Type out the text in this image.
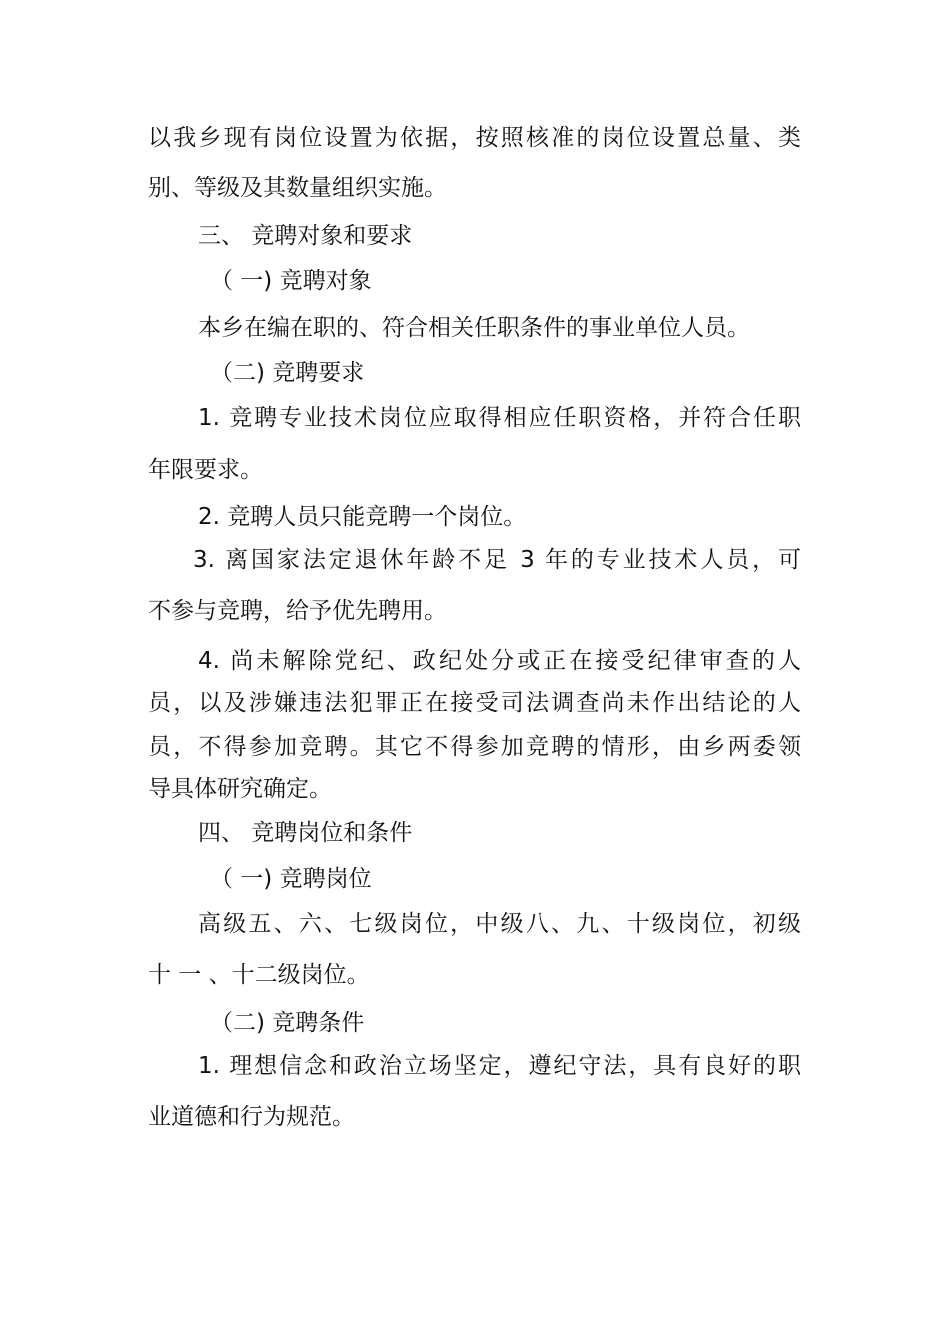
以我乡现有岗位设置为依据，按照核准的岗位设置总量、类
别、等级及其数量组织实施。
三、 竞聘对象和要求
（ 一) 竞聘对象
本乡在编在职的、符合相关任职条件的事业单位人员。
（二) 竞聘要求
1. 竞聘专业技术岗位应取得相应任职资格，并符合任职
年限要求。
2. 竞聘人员只能竞聘一个岗位。
3. 离国家法定退休年龄不足 3 年的专业技术人员，可
不参与竞聘，给予优先聘用。
4. 尚未解除党纪、政纪处分或正在接受纪律审查的人
员，以及涉嫌违法犯罪正在接受司法调查尚未作出结论的人
员，不得参加竞聘。其它不得参加竞聘的情形，由乡两委领
导具体研究确定。
四、 竞聘岗位和条件
（ 一) 竞聘岗位
高级五、六、七级岗位，中级八、九、十级岗位，初级
十 一 、十二级岗位。
（二) 竞聘条件
1. 理想信念和政治立场坚定，遵纪守法，具有良好的职
业道德和行为规范。
